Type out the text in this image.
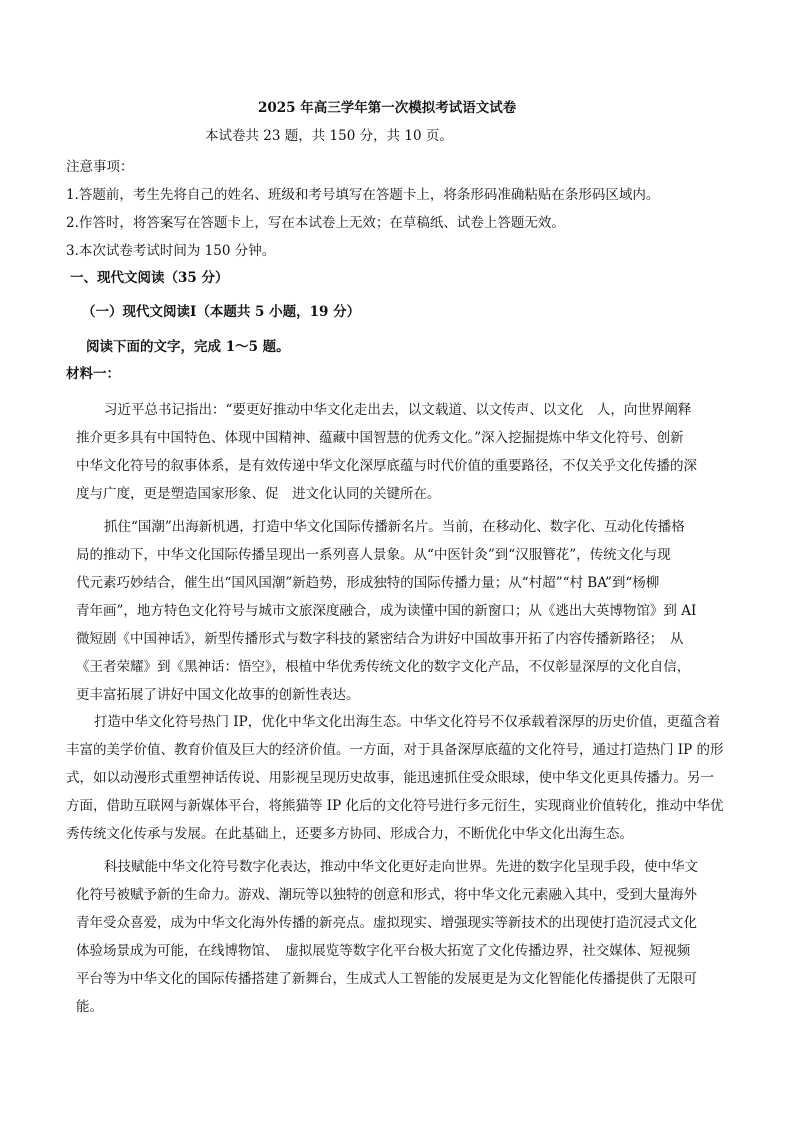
2025 年高三学年第一次模拟考试语文试卷
本试卷共 23 题，共 150 分，共 10 页。
注意事项：
1.答题前，考生先将自己的姓名、班级和考号填写在答题卡上，将条形码准确粘贴在条形码区域内。
2.作答时，将答案写在答题卡上，写在本试卷上无效；在草稿纸、试卷上答题无效。
3.本次试卷考试时间为 150 分钟。
一、现代文阅读（35 分）
（一）现代文阅读Ⅰ（本题共 5 小题，19 分）
阅读下面的文字，完成 1～5 题。
材料一：
习近平总书记指出：“要更好推动中华文化走出去，以文载道、以文传声、以文化　人，向世界阐释
推介更多具有中国特色、体现中国精神、蕴藏中国智慧的优秀文化。”深入挖掘提炼中华文化符号、创新
中华文化符号的叙事体系，是有效传递中华文化深厚底蕴与时代价值的重要路径，不仅关乎文化传播的深
度与广度，更是塑造国家形象、促　进文化认同的关键所在。
抓住“国潮”出海新机遇，打造中华文化国际传播新名片。当前，在移动化、数字化、互动化传播格
局的推动下，中华文化国际传播呈现出一系列喜人景象。从“中医针灸”到“汉服簪花”，传统文化与现
代元素巧妙结合，催生出“国风国潮”新趋势，形成独特的国际传播力量；从“村超”“村 BA”到“杨柳
青年画”，地方特色文化符号与城市文旅深度融合，成为读懂中国的新窗口；从《逃出大英博物馆》到 AI
微短剧《中国神话》，新型传播形式与数字科技的紧密结合为讲好中国故事开拓了内容传播新路径；　从
《王者荣耀》到《黑神话：悟空》，根植中华优秀传统文化的数字文化产品，不仅彰显深厚的文化自信，
更丰富拓展了讲好中国文化故事的创新性表达。
打造中华文化符号热门 IP，优化中华文化出海生态。中华文化符号不仅承载着深厚的历史价值，更蕴含着
丰富的美学价值、教育价值及巨大的经济价值。一方面，对于具备深厚底蕴的文化符号，通过打造热门 IP 的形
式，如以动漫形式重塑神话传说、用影视呈现历史故事，能迅速抓住受众眼球，使中华文化更具传播力。另一
方面，借助互联网与新媒体平台，将熊猫等 IP 化后的文化符号进行多元衍生，实现商业价值转化，推动中华优
秀传统文化传承与发展。在此基础上，还要多方协同、形成合力，不断优化中华文化出海生态。
科技赋能中华文化符号数字化表达，推动中华文化更好走向世界。先进的数字化呈现手段，使中华文
化符号被赋予新的生命力。游戏、潮玩等以独特的创意和形式，将中华文化元素融入其中，受到大量海外
青年受众喜爱，成为中华文化海外传播的新亮点。虚拟现实、增强现实等新技术的出现使打造沉浸式文化
体验场景成为可能，在线博物馆、　虚拟展览等数字化平台极大拓宽了文化传播边界，社交媒体、短视频
平台等为中华文化的国际传播搭建了新舞台，生成式人工智能的发展更是为文化智能化传播提供了无限可
能。
